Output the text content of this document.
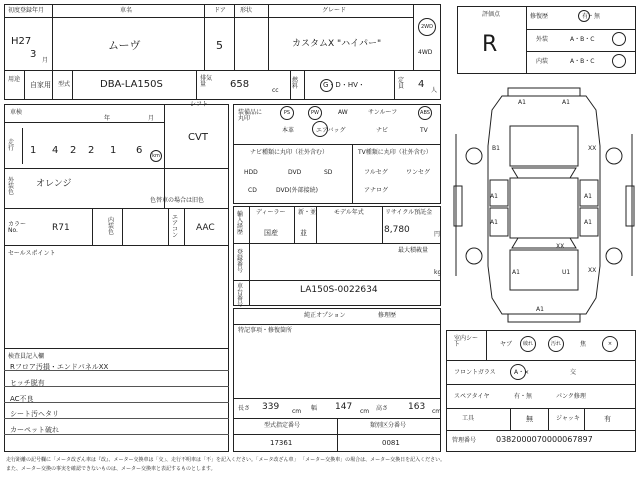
初度登録年月
H27
3
月
車名
ムーヴ
ドア
5
形状	グレード
カスタムX "ハイパー"
2WD
4WD
用途
自家用 型式	DBA-LA150S
排気量	658
cc
燃料	G・D・HV・
定員	4
人
車検
年	月
シフト
CVT
走行 1 4 2 2 1 6	km
外装色
オレンジ
色替車の場合は旧色
カラーNo.	R71
内装色
エアコン
AAC
セールスポイント
検査員記入欄
Rフロア汚損・エンドパネルXX
ヒッチ脱有
AC不良
シート汚ヘタリ
カーペット破れ
装備品に丸印
PS	PW	AW	サンルーフ	ABS
本革	エアバッグ	ナビ	TV
ナビ種類に丸印（社外含む）
HDD	DVD	SD
CD	DVD(外部接続)
TV種類に丸印（社外含む）
フルセグ	ワンセグ
アナログ
輸入経歴
ディーラー
国産
新・並
並
モデル年式	リサイクル預託金
8,780	円
最大積載量
kg
登録番号
車台番号
LA150S-0022634
特記事項・修復箇所
純正オプション	修理歴
長さ 339 cm 幅 147 cm 高さ 163 cm
型式指定番号
17361
類別区分番号
0081
評価点
R
修復歴	有・無
外装	A・B・C
内装	A・B・C
A1	A1
B1	XX
A1
A1
A1
A1
XX
XX
A1	U1
A1
室内シート	ヤブ	破れ	汚れ	焦	×
フロントガラス	A・×	交
スペアタイヤ	有・無	パンク修理
工具	無	ジャッキ	有
管理番号 0382000070000067897
走行距離の記号欄に「メータ改ざん車は『改』、メーター交換車は「交」、走行不明車は「不」を記入ください。「メータ改ざん車」 「メーター交換車」の場合は、メーター交換日を記入ください。
また、メーター交換の事実を確認できないものは、メーター交換車と表記するものとします。
